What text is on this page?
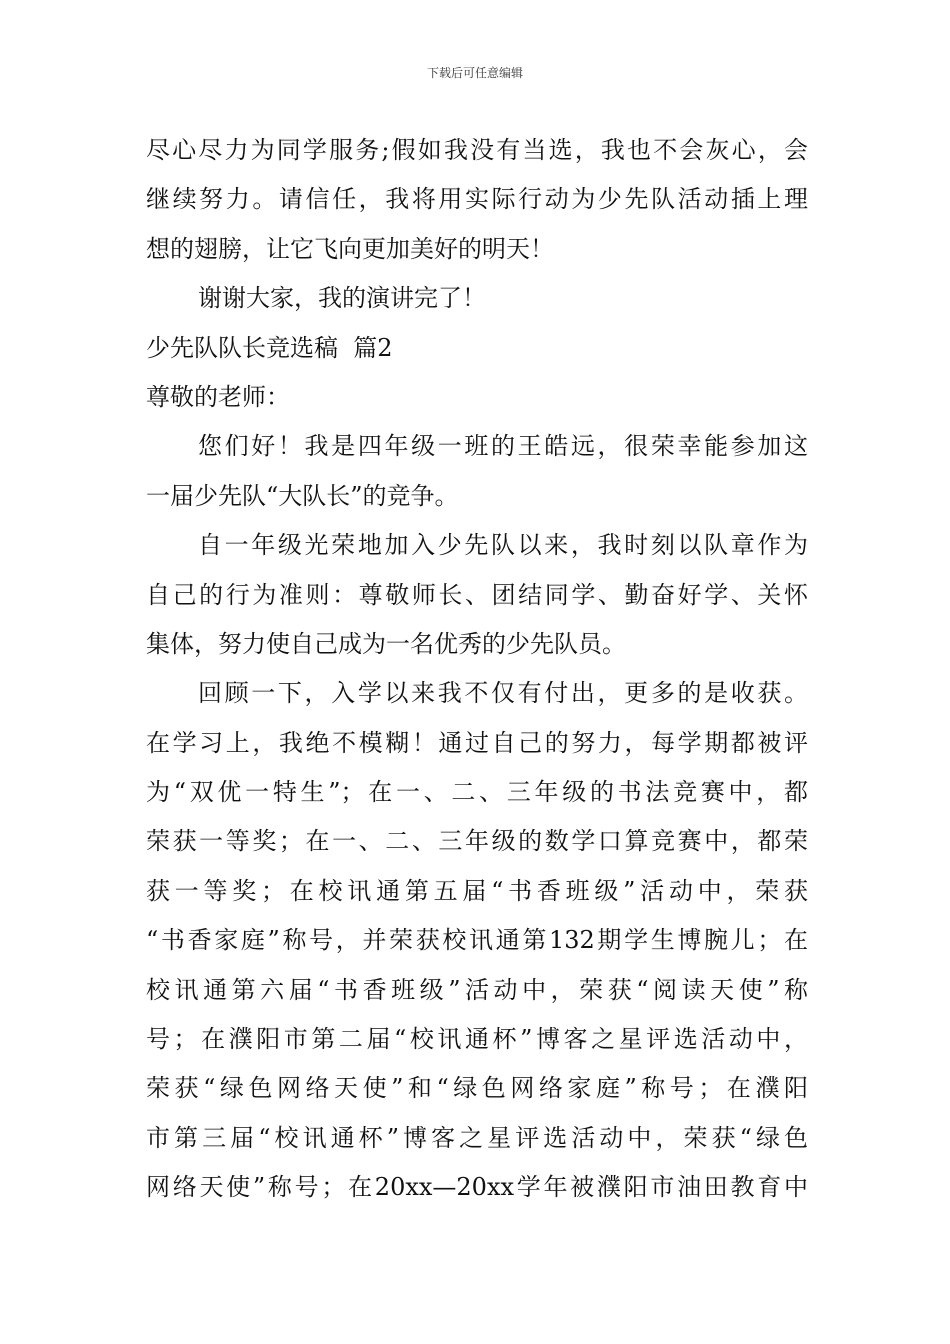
下载后可任意编辑
尽心尽力为同学服务;假如我没有当选，我也不会灰心，会
继续努力。请信任，我将用实际行动为少先队活动插上理
想的翅膀，让它飞向更加美好的明天！
谢谢大家，我的演讲完了！
少先队队长竞选稿  篇2
尊敬的老师：
您们好！我是四年级一班的王皓远，很荣幸能参加这
一届少先队“大队长”的竞争。
自一年级光荣地加入少先队以来，我时刻以队章作为
自己的行为准则：尊敬师长、团结同学、勤奋好学、关怀
集体，努力使自己成为一名优秀的少先队员。
回顾一下，入学以来我不仅有付出，更多的是收获。
在学习上，我绝不模糊！通过自己的努力，每学期都被评
为“双优一特生”；在一、二、三年级的书法竞赛中，都
荣获一等奖；在一、二、三年级的数学口算竞赛中，都荣
获一等奖；在校讯通第五届“书香班级”活动中，荣获
“书香家庭”称号，并荣获校讯通第132期学生博腕儿；在
校讯通第六届“书香班级”活动中，荣获“阅读天使”称
号；在濮阳市第二届“校讯通杯”博客之星评选活动中，
荣获“绿色网络天使”和“绿色网络家庭”称号；在濮阳
市第三届“校讯通杯”博客之星评选活动中，荣获“绿色
网络天使”称号；在20xx—20xx学年被濮阳市油田教育中
